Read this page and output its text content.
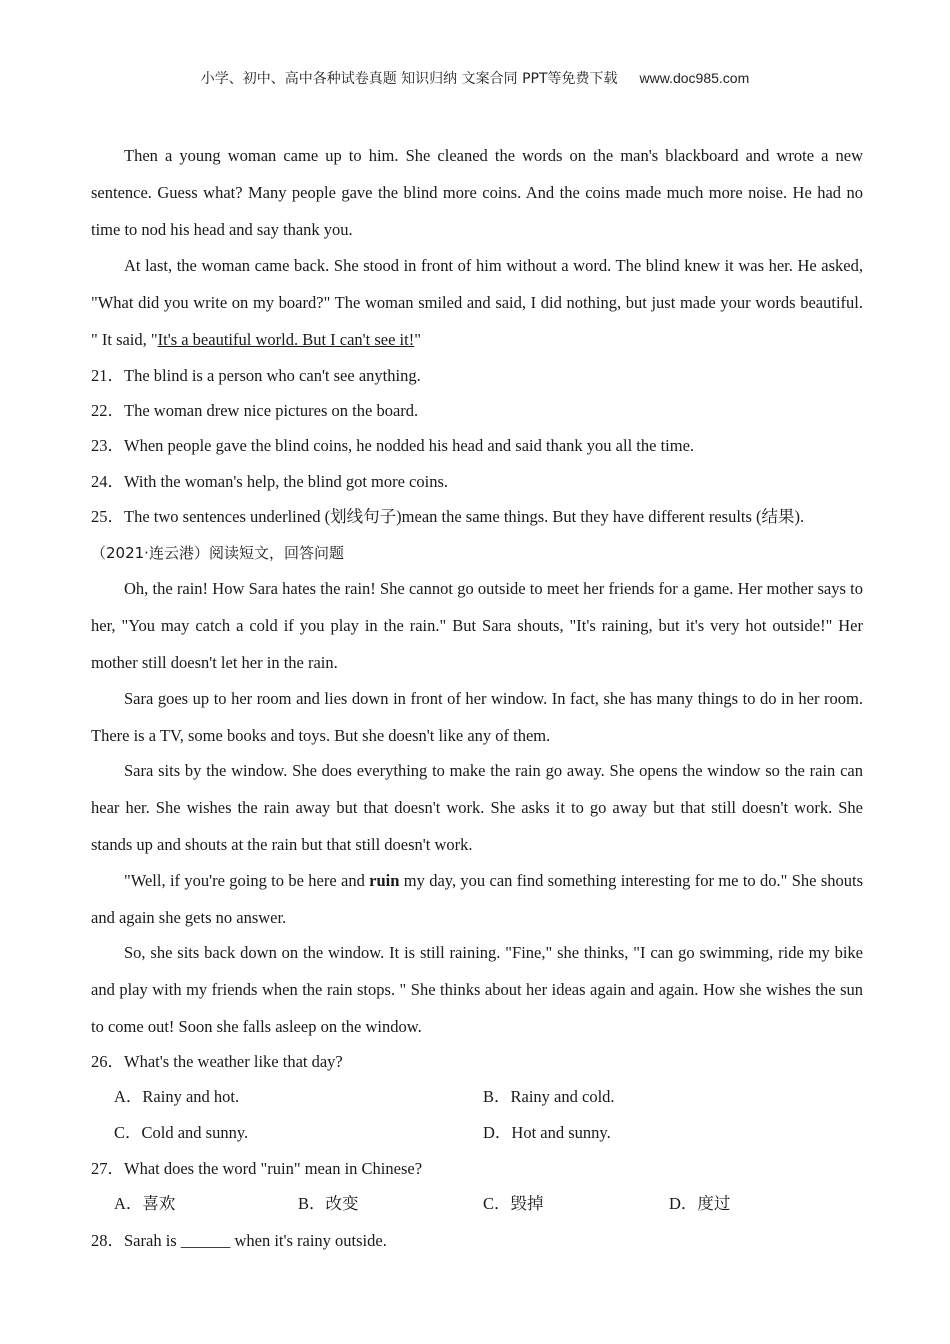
小学、初中、高中各种试卷真题 知识归纳 文案合同 PPT等免费下载 www.doc985.com

Then a young woman came up to him. She cleaned the words on the man's blackboard and wrote a new sentence. Guess what? Many people gave the blind more coins. And the coins made much more noise. He had no time to nod his head and say thank you.

At last, the woman came back. She stood in front of him without a word. The blind knew it was her. He asked, "What did you write on my board?" The woman smiled and said, I did nothing, but just made your words beautiful. " It said, "It's a beautiful world. But I can't see it!"

21．The blind is a person who can't see anything.
22．The woman drew nice pictures on the board.
23．When people gave the blind coins, he nodded his head and said thank you all the time.
24．With the woman's help, the blind got more coins.
25．The two sentences underlined (划线句子)mean the same things. But they have different results (结果).
（2021·连云港）阅读短文，回答问题

Oh, the rain! How Sara hates the rain! She cannot go outside to meet her friends for a game. Her mother says to her, "You may catch a cold if you play in the rain." But Sara shouts, "It's raining, but it's very hot outside!" Her mother still doesn't let her in the rain.

Sara goes up to her room and lies down in front of her window. In fact, she has many things to do in her room. There is a TV, some books and toys. But she doesn't like any of them.

Sara sits by the window. She does everything to make the rain go away. She opens the window so the rain can hear her. She wishes the rain away but that doesn't work. She asks it to go away but that still doesn't work. She stands up and shouts at the rain but that still doesn't work.

"Well, if you're going to be here and ruin my day, you can find something interesting for me to do." She shouts and again she gets no answer.

So, she sits back down on the window. It is still raining. "Fine," she thinks, "I can go swimming, ride my bike and play with my friends when the rain stops. " She thinks about her ideas again and again. How she wishes the sun to come out! Soon she falls asleep on the window.

26．What's the weather like that day?
A．Rainy and hot.	B．Rainy and cold.
C．Cold and sunny.	D．Hot and sunny.
27．What does the word "ruin" mean in Chinese?
A．喜欢	B．改变	C．毁掉	D．度过
28．Sarah is ______ when it's rainy outside.
